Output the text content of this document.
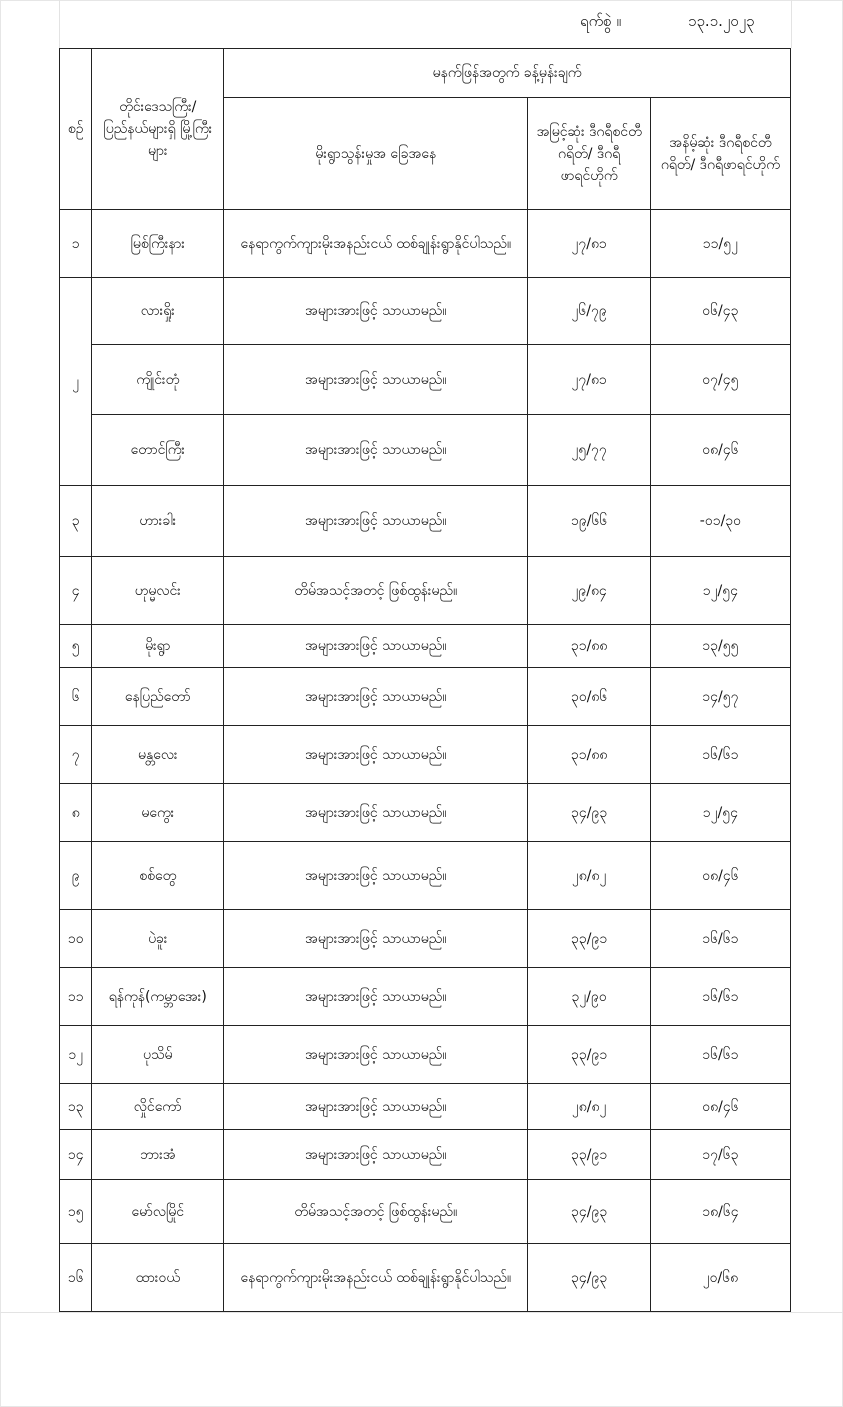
ရက်စွဲ ။	၁၃.၁.၂၀၂၃
စဉ်	တိုင်းဒေသကြီး/ ပြည်နယ်များရှိ မြို့ကြီးများ	မနက်ဖြန်အတွက် ခန့်မှန်းချက်		
		မိုးရွာသွန်းမှုအ ခြေအနေ	အမြင့်ဆုံး ဒီဂရီစင်တီဂရိတ်/ ဒီဂရီဖာရင်ဟိုက်	အနိမ့်ဆုံး ဒီဂရီစင်တီဂရိတ်/ ဒီဂရီဖာရင်ဟိုက်
၁	မြစ်ကြီးနား	နေရာကွက်ကျားမိုးအနည်းငယ် ထစ်ချုန်းရွာနိုင်ပါသည်။	၂၇/၈၁	၁၁/၅၂
၂	လားရှိုး	အများအားဖြင့် သာယာမည်။	၂၆/၇၉	၀၆/၄၃
	ကျိုင်းတုံ	အများအားဖြင့် သာယာမည်။	၂၇/၈၁	၀၇/၄၅
	တောင်ကြီး	အများအားဖြင့် သာယာမည်။	၂၅/၇၇	၀၈/၄၆
၃	ဟားခါး	အများအားဖြင့် သာယာမည်။	၁၉/၆၆	-၀၁/၃၀
၄	ဟုမ္မလင်း	တိမ်အသင့်အတင့် ဖြစ်ထွန်းမည်။	၂၉/၈၄	၁၂/၅၄
၅	မိုးရွာ	အများအားဖြင့် သာယာမည်။	၃၁/၈၈	၁၃/၅၅
၆	နေပြည်တော်	အများအားဖြင့် သာယာမည်။	၃၀/၈၆	၁၄/၅၇
၇	မန္တလေး	အများအားဖြင့် သာယာမည်။	၃၁/၈၈	၁၆/၆၁
၈	မကွေး	အများအားဖြင့် သာယာမည်။	၃၄/၉၃	၁၂/၅၄
၉	စစ်တွေ	အများအားဖြင့် သာယာမည်။	၂၈/၈၂	၀၈/၄၆
၁၀	ပဲခူး	အများအားဖြင့် သာယာမည်။	၃၃/၉၁	၁၆/၆၁
၁၁	ရန်ကုန်(ကမ္ဘာအေး)	အများအားဖြင့် သာယာမည်။	၃၂/၉၀	၁၆/၆၁
၁၂	ပုသိမ်	အများအားဖြင့် သာယာမည်။	၃၃/၉၁	၁၆/၆၁
၁၃	လှိုင်ကော်	အများအားဖြင့် သာယာမည်။	၂၈/၈၂	၀၈/၄၆
၁၄	ဘားအံ	အများအားဖြင့် သာယာမည်။	၃၃/၉၁	၁၇/၆၃
၁၅	မော်လမြိုင်	တိမ်အသင့်အတင့် ဖြစ်ထွန်းမည်။	၃၄/၉၃	၁၈/၆၄
၁၆	ထားဝယ်	နေရာကွက်ကျားမိုးအနည်းငယ် ထစ်ချုန်းရွာနိုင်ပါသည်။	၃၄/၉၃	၂၀/၆၈
